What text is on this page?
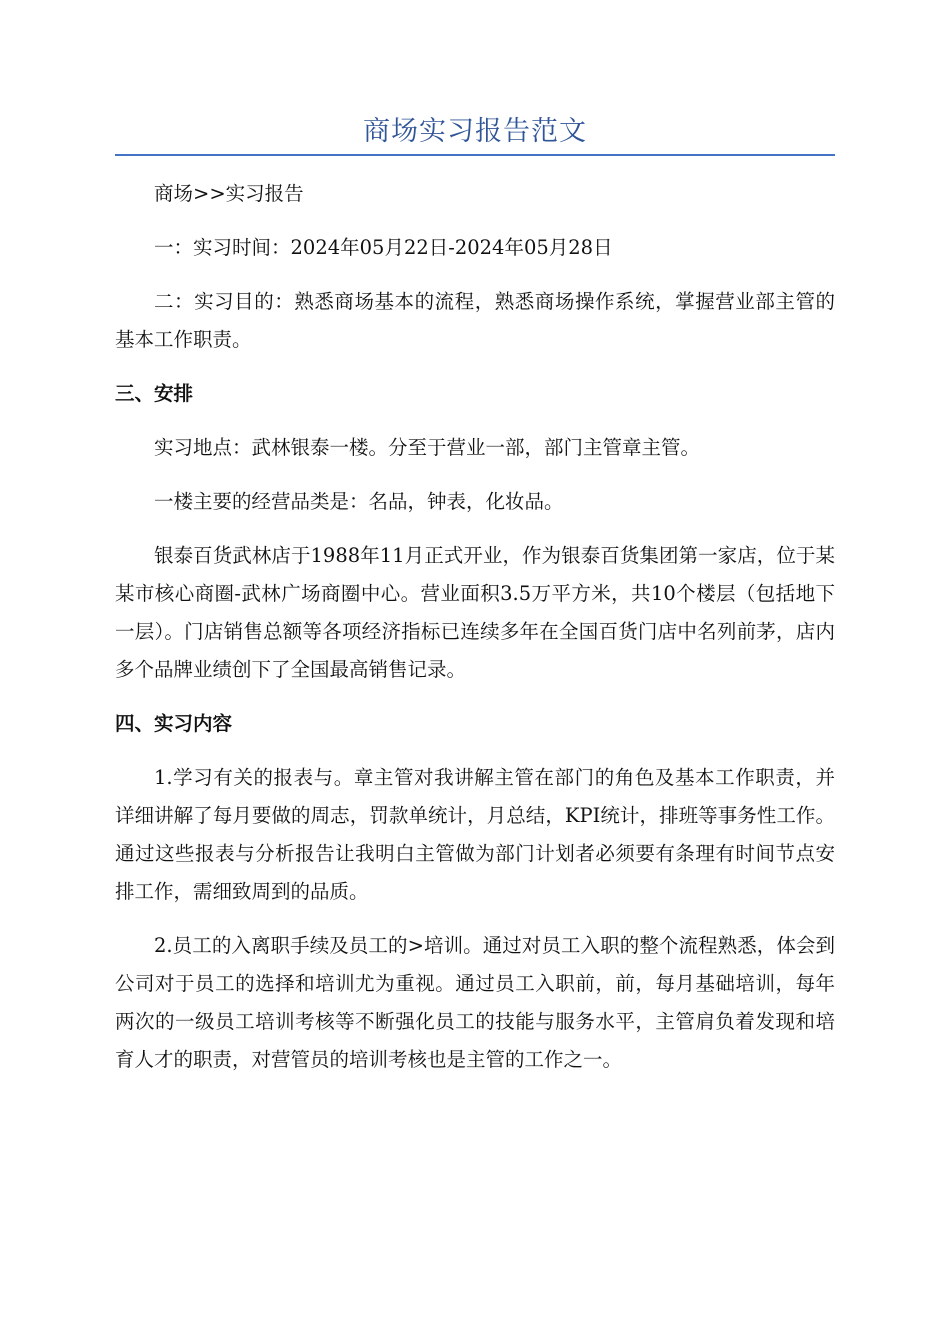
商场实习报告范文

商场>>实习报告

一：实习时间：2024年05月22日-2024年05月28日

二：实习目的：熟悉商场基本的流程，熟悉商场操作系统，掌握营业部主管的基本工作职责。

三、安排

实习地点：武林银泰一楼。分至于营业一部，部门主管章主管。

一楼主要的经营品类是：名品，钟表，化妆品。

银泰百货武林店于1988年11月正式开业，作为银泰百货集团第一家店，位于某某市核心商圈-武林广场商圈中心。营业面积3.5万平方米，共10个楼层（包括地下一层）。门店销售总额等各项经济指标已连续多年在全国百货门店中名列前茅，店内多个品牌业绩创下了全国最高销售记录。

四、实习内容

1.学习有关的报表与。章主管对我讲解主管在部门的角色及基本工作职责，并详细讲解了每月要做的周志，罚款单统计，月总结，KPI统计，排班等事务性工作。通过这些报表与分析报告让我明白主管做为部门计划者必须要有条理有时间节点安排工作，需细致周到的品质。

2.员工的入离职手续及员工的>培训。通过对员工入职的整个流程熟悉，体会到公司对于员工的选择和培训尤为重视。通过员工入职前，前，每月基础培训，每年两次的一级员工培训考核等不断强化员工的技能与服务水平，主管肩负着发现和培育人才的职责，对营管员的培训考核也是主管的工作之一。
